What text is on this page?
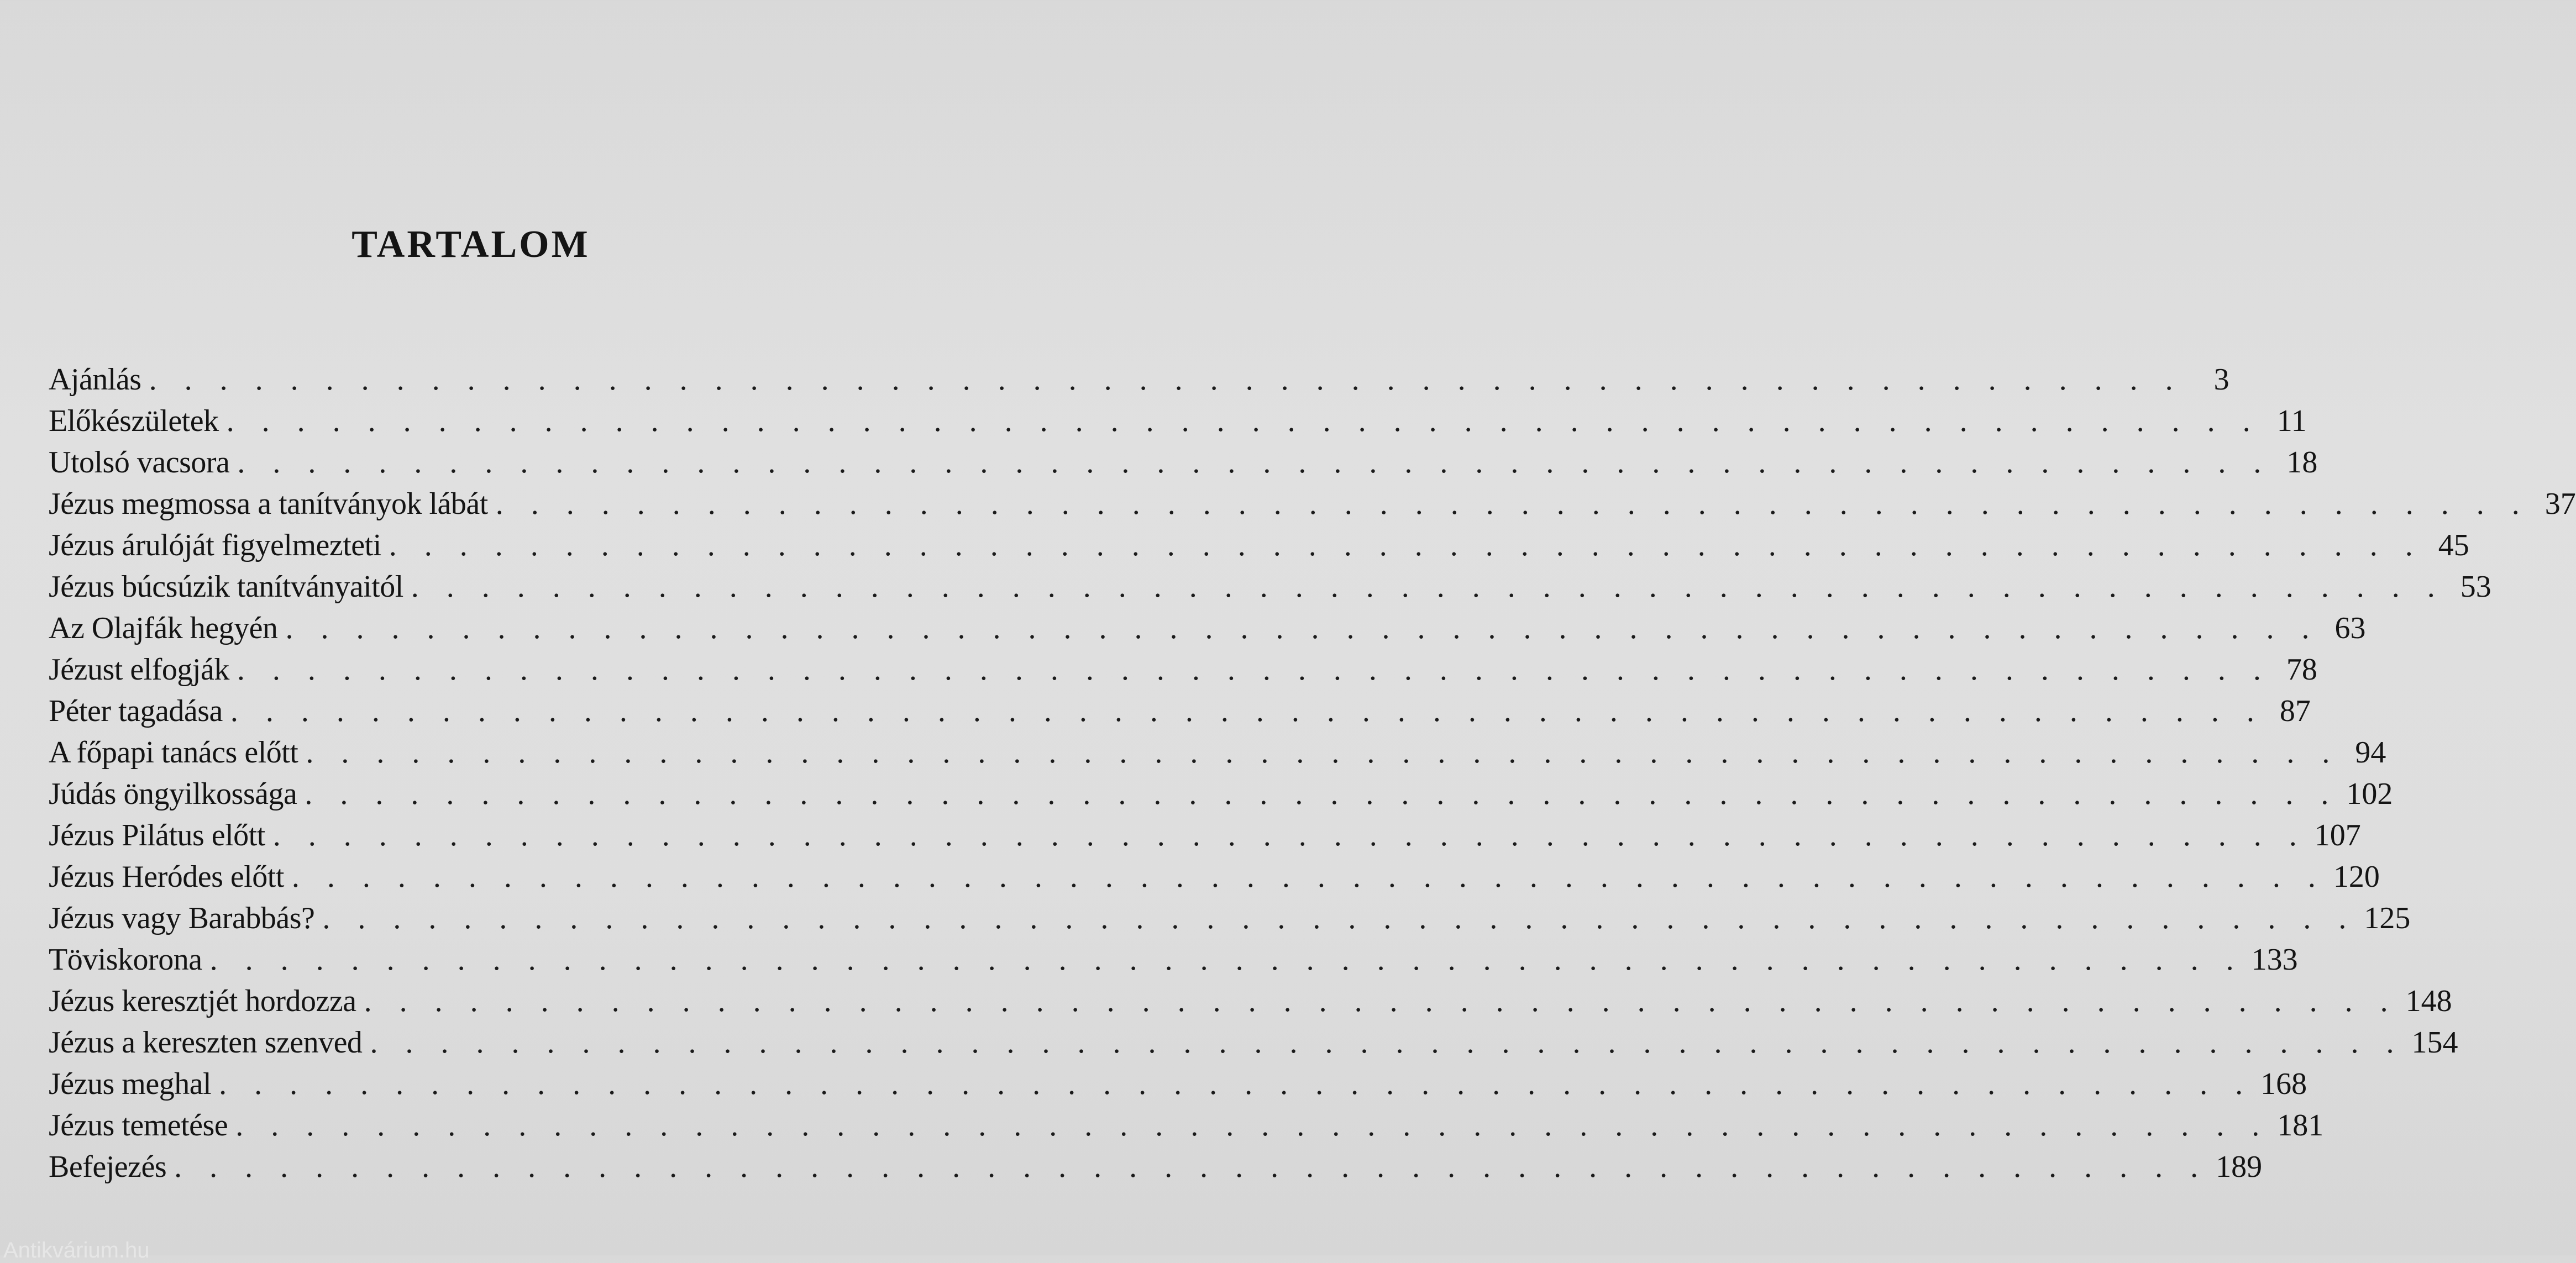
TARTALOM
Ajánlás . . . . . . . . . . . . . . . . . . . . . . . . . . . . . . . . . . . . . . . . . . . . . . . . . . . . . . . . . .	3
Előkészületek . . . . . . . . . . . . . . . . . . . . . . . . . . . . . . . . . . . . . . . . . . . . . . . . . . . . . . . . . . 11
Utolsó vacsora . . . . . . . . . . . . . . . . . . . . . . . . . . . . . . . . . . . . . . . . . . . . . . . . . . . . . . . . . . 18
Jézus megmossa a tanítványok lábát . . . . . . . . . . . . . . . . . . . . . . . . . . . . . . . . . . . . . . . . . . . . . . . . . . . . . . . . . . 37
Jézus árulóját figyelmezteti . . . . . . . . . . . . . . . . . . . . . . . . . . . . . . . . . . . . . . . . . . . . . . . . . . . . . . . . . . 45
Jézus búcsúzik tanítványaitól . . . . . . . . . . . . . . . . . . . . . . . . . . . . . . . . . . . . . . . . . . . . . . . . . . . . . . . . . . 53
Az Olajfák hegyén . . . . . . . . . . . . . . . . . . . . . . . . . . . . . . . . . . . . . . . . . . . . . . . . . . . . . . . . . . 63
Jézust elfogják . . . . . . . . . . . . . . . . . . . . . . . . . . . . . . . . . . . . . . . . . . . . . . . . . . . . . . . . . . 78
Péter tagadása . . . . . . . . . . . . . . . . . . . . . . . . . . . . . . . . . . . . . . . . . . . . . . . . . . . . . . . . . . 87
A főpapi tanács előtt . . . . . . . . . . . . . . . . . . . . . . . . . . . . . . . . . . . . . . . . . . . . . . . . . . . . . . . . . . 94
Júdás öngyilkossága . . . . . . . . . . . . . . . . . . . . . . . . . . . . . . . . . . . . . . . . . . . . . . . . . . . . . . . . . . 102
Jézus Pilátus előtt . . . . . . . . . . . . . . . . . . . . . . . . . . . . . . . . . . . . . . . . . . . . . . . . . . . . . . . . . . 107
Jézus Heródes előtt . . . . . . . . . . . . . . . . . . . . . . . . . . . . . . . . . . . . . . . . . . . . . . . . . . . . . . . . . . 120
Jézus vagy Barabbás? . . . . . . . . . . . . . . . . . . . . . . . . . . . . . . . . . . . . . . . . . . . . . . . . . . . . . . . . . . 125
Töviskorona . . . . . . . . . . . . . . . . . . . . . . . . . . . . . . . . . . . . . . . . . . . . . . . . . . . . . . . . . . 133
Jézus keresztjét hordozza . . . . . . . . . . . . . . . . . . . . . . . . . . . . . . . . . . . . . . . . . . . . . . . . . . . . . . . . . . 148
Jézus a kereszten szenved . . . . . . . . . . . . . . . . . . . . . . . . . . . . . . . . . . . . . . . . . . . . . . . . . . . . . . . . . . 154
Jézus meghal . . . . . . . . . . . . . . . . . . . . . . . . . . . . . . . . . . . . . . . . . . . . . . . . . . . . . . . . . . 168
Jézus temetése . . . . . . . . . . . . . . . . . . . . . . . . . . . . . . . . . . . . . . . . . . . . . . . . . . . . . . . . . . 181
Befejezés . . . . . . . . . . . . . . . . . . . . . . . . . . . . . . . . . . . . . . . . . . . . . . . . . . . . . . . . . . 189
Antikvárium.hu
